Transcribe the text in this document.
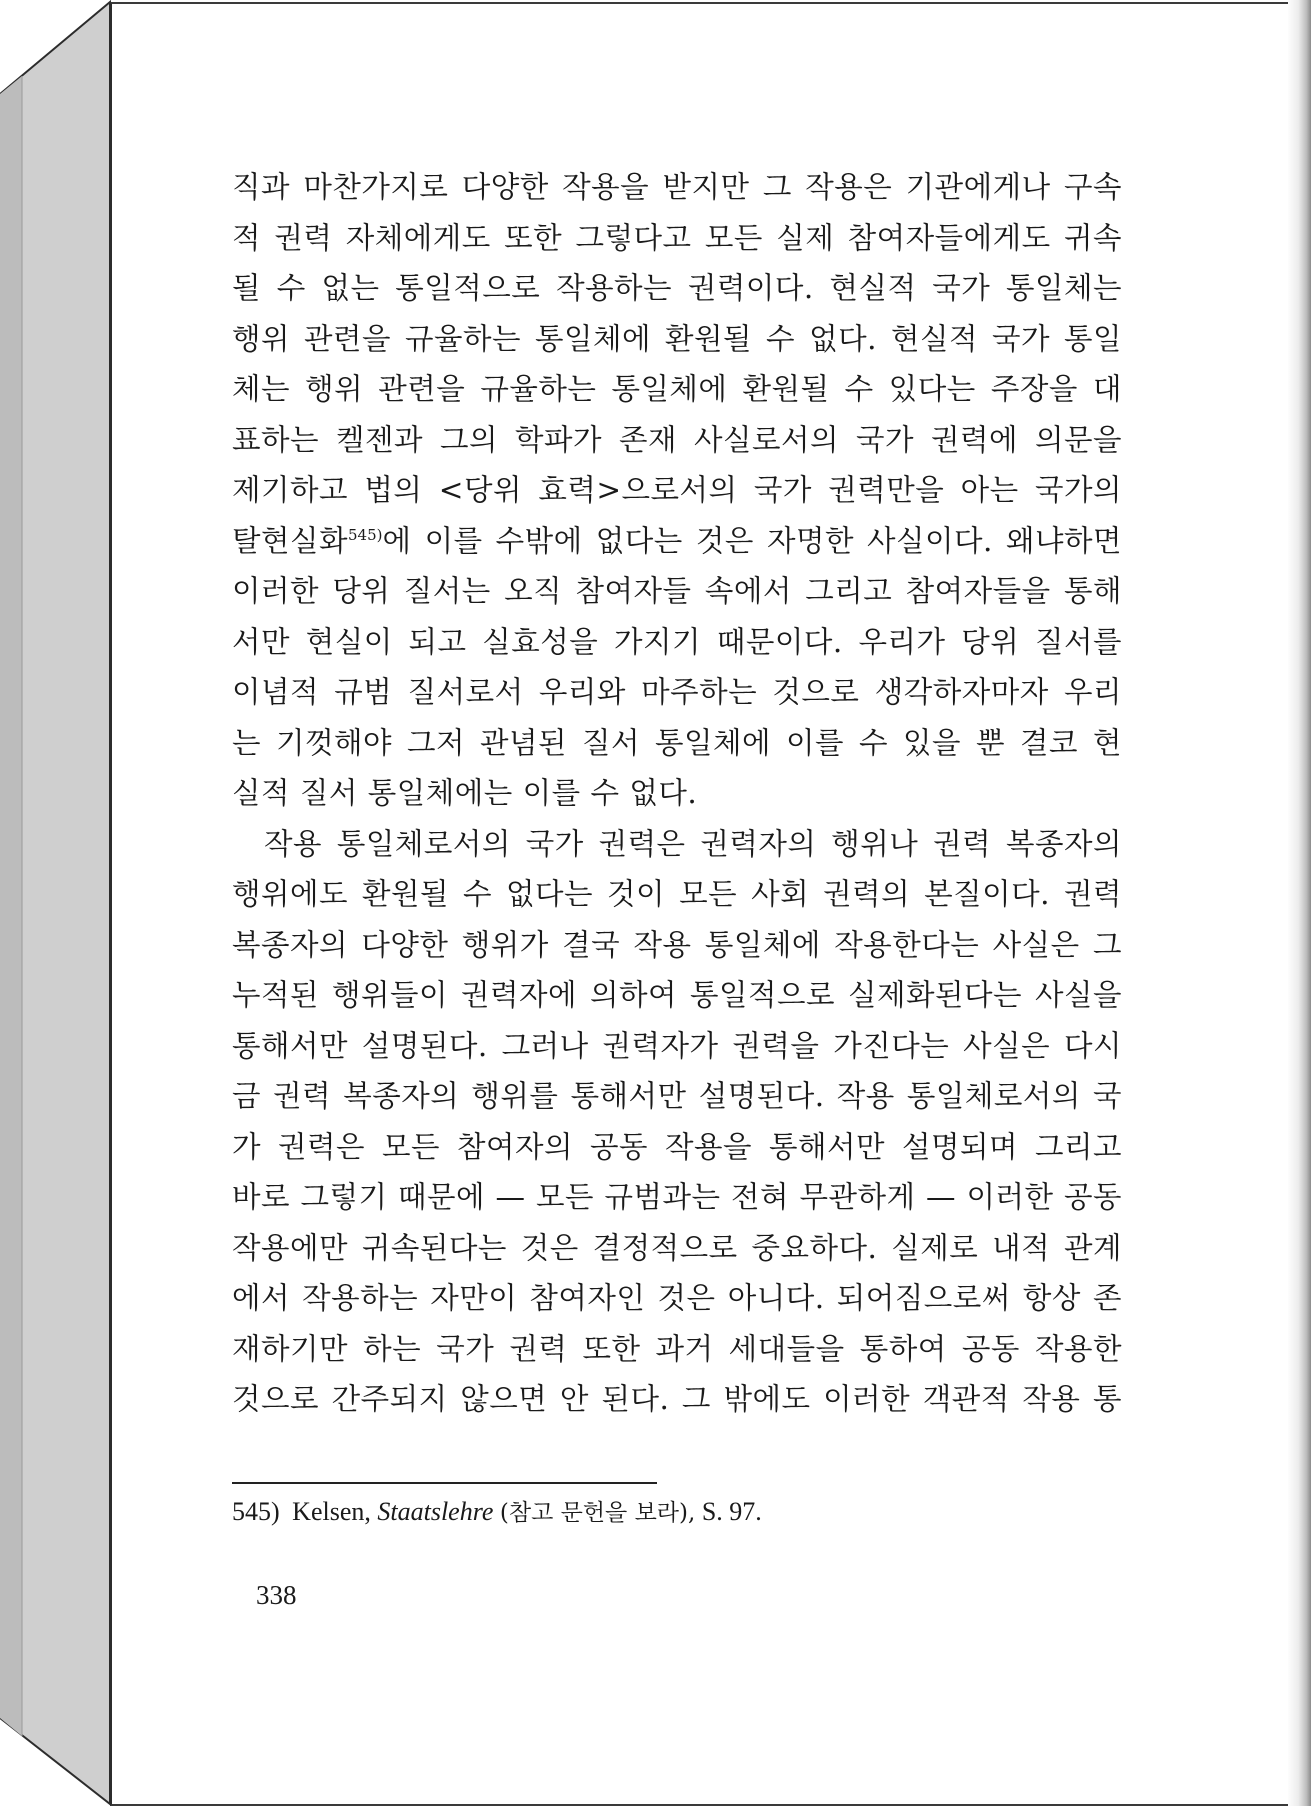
직과 마찬가지로 다양한 작용을 받지만 그 작용은 기관에게나 구속
적 권력 자체에게도 또한 그렇다고 모든 실제 참여자들에게도 귀속
될 수 없는 통일적으로 작용하는 권력이다. 현실적 국가 통일체는
행위 관련을 규율하는 통일체에 환원될 수 없다. 현실적 국가 통일
체는 행위 관련을 규율하는 통일체에 환원될 수 있다는 주장을 대
표하는 켈젠과 그의 학파가 존재 사실로서의 국가 권력에 의문을
제기하고 법의 <당위 효력>으로서의 국가 권력만을 아는 국가의
탈현실화$^{545)}$에 이를 수밖에 없다는 것은 자명한 사실이다. 왜냐하면
이러한 당위 질서는 오직 참여자들 속에서 그리고 참여자들을 통해
서만 현실이 되고 실효성을 가지기 때문이다. 우리가 당위 질서를
이념적 규범 질서로서 우리와 마주하는 것으로 생각하자마자 우리
는 기껏해야 그저 관념된 질서 통일체에 이를 수 있을 뿐 결코 현
실적 질서 통일체에는 이를 수 없다.
작용 통일체로서의 국가 권력은 권력자의 행위나 권력 복종자의
행위에도 환원될 수 없다는 것이 모든 사회 권력의 본질이다. 권력
복종자의 다양한 행위가 결국 작용 통일체에 작용한다는 사실은 그
누적된 행위들이 권력자에 의하여 통일적으로 실제화된다는 사실을
통해서만 설명된다. 그러나 권력자가 권력을 가진다는 사실은 다시
금 권력 복종자의 행위를 통해서만 설명된다. 작용 통일체로서의 국
가 권력은 모든 참여자의 공동 작용을 통해서만 설명되며 그리고
바로 그렇기 때문에 — 모든 규범과는 전혀 무관하게 — 이러한 공동
작용에만 귀속된다는 것은 결정적으로 중요하다. 실제로 내적 관계
에서 작용하는 자만이 참여자인 것은 아니다. 되어짐으로써 항상 존
재하기만 하는 국가 권력 또한 과거 세대들을 통하여 공동 작용한
것으로 간주되지 않으면 안 된다. 그 밖에도 이러한 객관적 작용 통
545) Kelsen, Staatslehre (참고 문헌을 보라), S. 97.
338
